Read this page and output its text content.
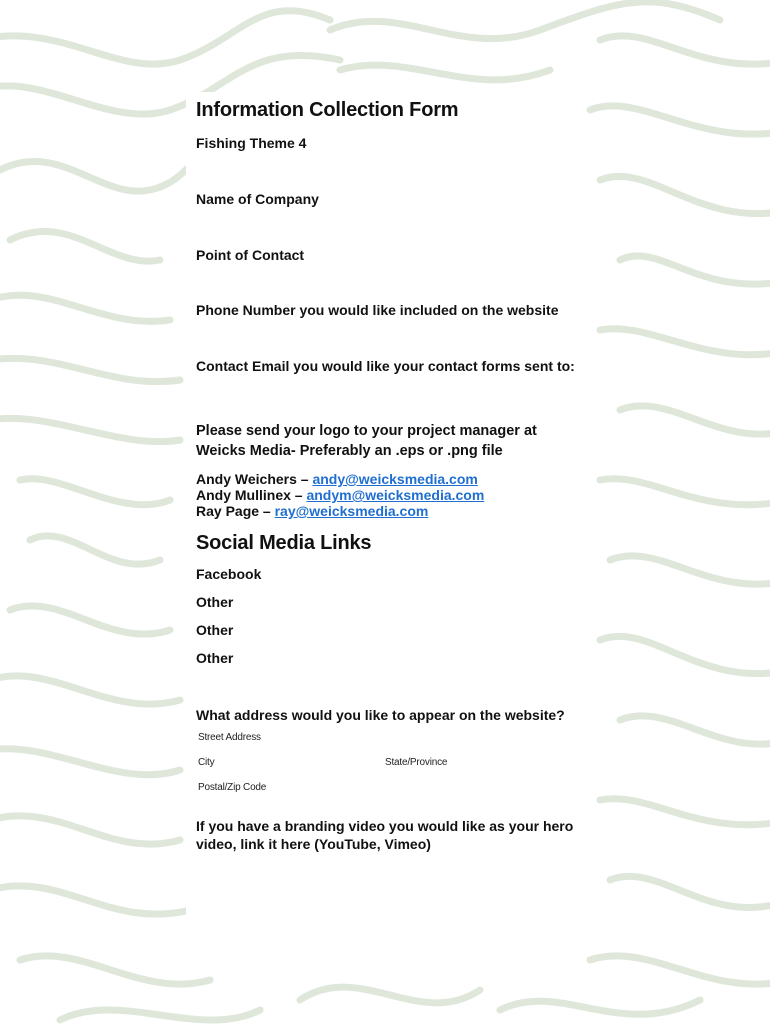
Information Collection Form
Fishing Theme 4
Name of Company
Point of Contact
Phone Number you would like included on the website
Contact Email you would like your contact forms sent to:
Please send your logo to your project manager at
Weicks Media- Preferably an .eps or .png file
Andy Weichers – andy@weicksmedia.com
Andy Mullinex – andym@weicksmedia.com
Ray Page – ray@weicksmedia.com
Social Media Links
Facebook
Other
Other
Other
What address would you like to appear on the website?
Street Address
City	State/Province
Postal/Zip Code
If you have a branding video you would like as your hero
video, link it here (YouTube, Vimeo)
